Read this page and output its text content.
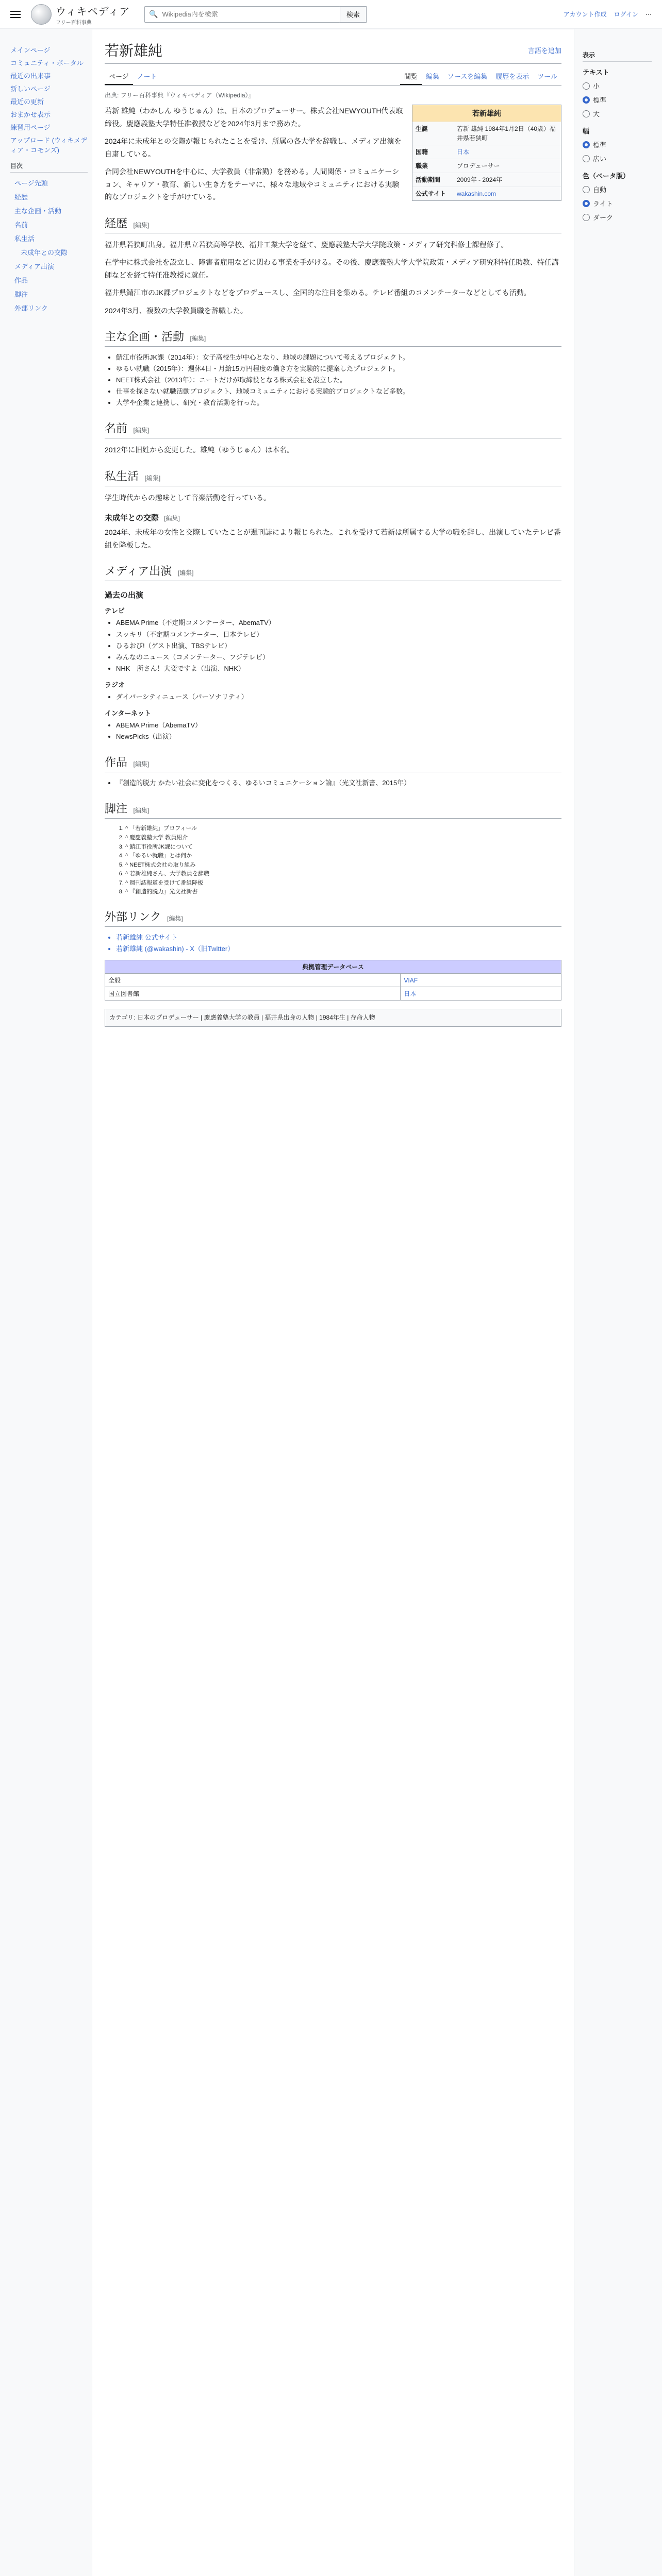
ウィキペディア
フリー百科事典
🔍
Wikipedia内を検索	検索	アカウント作成 ログイン ⋯
メインページ
コミュニティ・ポータル
最近の出来事
新しいページ
最近の更新
おまかせ表示
練習用ページ
アップロード (ウィキメディア・コモンズ)
目次
ページ先頭
経歴
主な企画・活動
名前
私生活
未成年との交際
メディア出演
作品
脚注
外部リンク
若新雄純	言語を追加
ページ	ノート	閲覧	編集	ソースを編集	履歴を表示	ツール
出典: フリー百科事典『ウィキペディア（Wikipedia）』
若新雄純
生誕	若新 雄純 1984年1月2日（40歳）福井県若狭町
国籍	日本
職業	プロデューサー
活動期間	2009年 - 2024年
公式サイト	wakashin.com

若新 雄純（わかしん ゆうじゅん）は、日本のプロデューサー。株式会社NEWYOUTH代表取締役。慶應義塾大学特任准教授などを2024年3月まで務めた。

2024年に未成年との交際が報じられたことを受け、所属の各大学を辞職し、メディア出演を自粛している。

合同会社NEWYOUTHを中心に、大学教員（非常勤）を務める。人間関係・コミュニケーション、キャリア・教育、新しい生き方をテーマに、様々な地域やコミュニティにおける実験的なプロジェクトを手がけている。

経歴 [編集]

福井県若狭町出身。福井県立若狭高等学校、福井工業大学を経て、慶應義塾大学大学院政策・メディア研究科修士課程修了。

在学中に株式会社を設立し、障害者雇用などに関わる事業を手がける。その後、慶應義塾大学大学院政策・メディア研究科特任助教、特任講師などを経て特任准教授に就任。

福井県鯖江市のJK課プロジェクトなどをプロデュースし、全国的な注目を集める。テレビ番組のコメンテーターなどとしても活動。

2024年3月、複数の大学教員職を辞職した。

主な企画・活動 [編集]
• 鯖江市役所JK課（2014年）：女子高校生が中心となり、地域の課題について考えるプロジェクト。
• ゆるい就職（2015年）：週休4日・月給15万円程度の働き方を実験的に提案したプロジェクト。
• NEET株式会社（2013年）：ニートだけが取締役となる株式会社を設立した。
• 仕事を探さない就職活動プロジェクト、地域コミュニティにおける実験的プロジェクトなど多数。
• 大学や企業と連携し、研究・教育活動を行った。
名前 [編集]

2012年に旧姓から変更した。雄純（ゆうじゅん）は本名。

私生活 [編集]

学生時代からの趣味として音楽活動を行っている。

未成年との交際 [編集]

2024年、未成年の女性と交際していたことが週刊誌により報じられた。これを受けて若新は所属する大学の職を辞し、出演していたテレビ番組を降板した。

メディア出演 [編集]
過去の出演
テレビ
• ABEMA Prime（不定期コメンテーター、AbemaTV）
• スッキリ（不定期コメンテーター、日本テレビ）
• ひるおび!（ゲスト出演、TBSテレビ）
• みんなのニュース（コメンテーター、フジテレビ）
• NHK　所さん！大変ですよ（出演、NHK）
ラジオ
• ダイバーシティニュース（パーソナリティ）
インターネット
• ABEMA Prime（AbemaTV）
• NewsPicks（出演）
作品 [編集]
• 『創造的脱力 かたい社会に変化をつくる、ゆるいコミュニケーション論』（光文社新書、2015年）
脚注 [編集]
1. ^ 「若新雄純」プロフィール
2. ^ 慶應義塾大学 教員紹介
3. ^ 鯖江市役所JK課について
4. ^ 「ゆるい就職」とは何か
5. ^ NEET株式会社の取り組み
6. ^ 若新雄純さん、大学教員を辞職
7. ^ 週刊誌報道を受けて番組降板
8. ^ 『創造的脱力』光文社新書
外部リンク [編集]
• 若新雄純 公式サイト
• 若新雄純 (@wakashin) - X（旧Twitter）
典拠管理データベース	
全般	VIAF
国立図書館	日本
カテゴリ: 日本のプロデューサー | 慶應義塾大学の教員 | 福井県出身の人物 | 1984年生 | 存命人物
表示
テキスト
小
標準
大
幅
標準
広い
色（ベータ版）
自動
ライト
ダーク
